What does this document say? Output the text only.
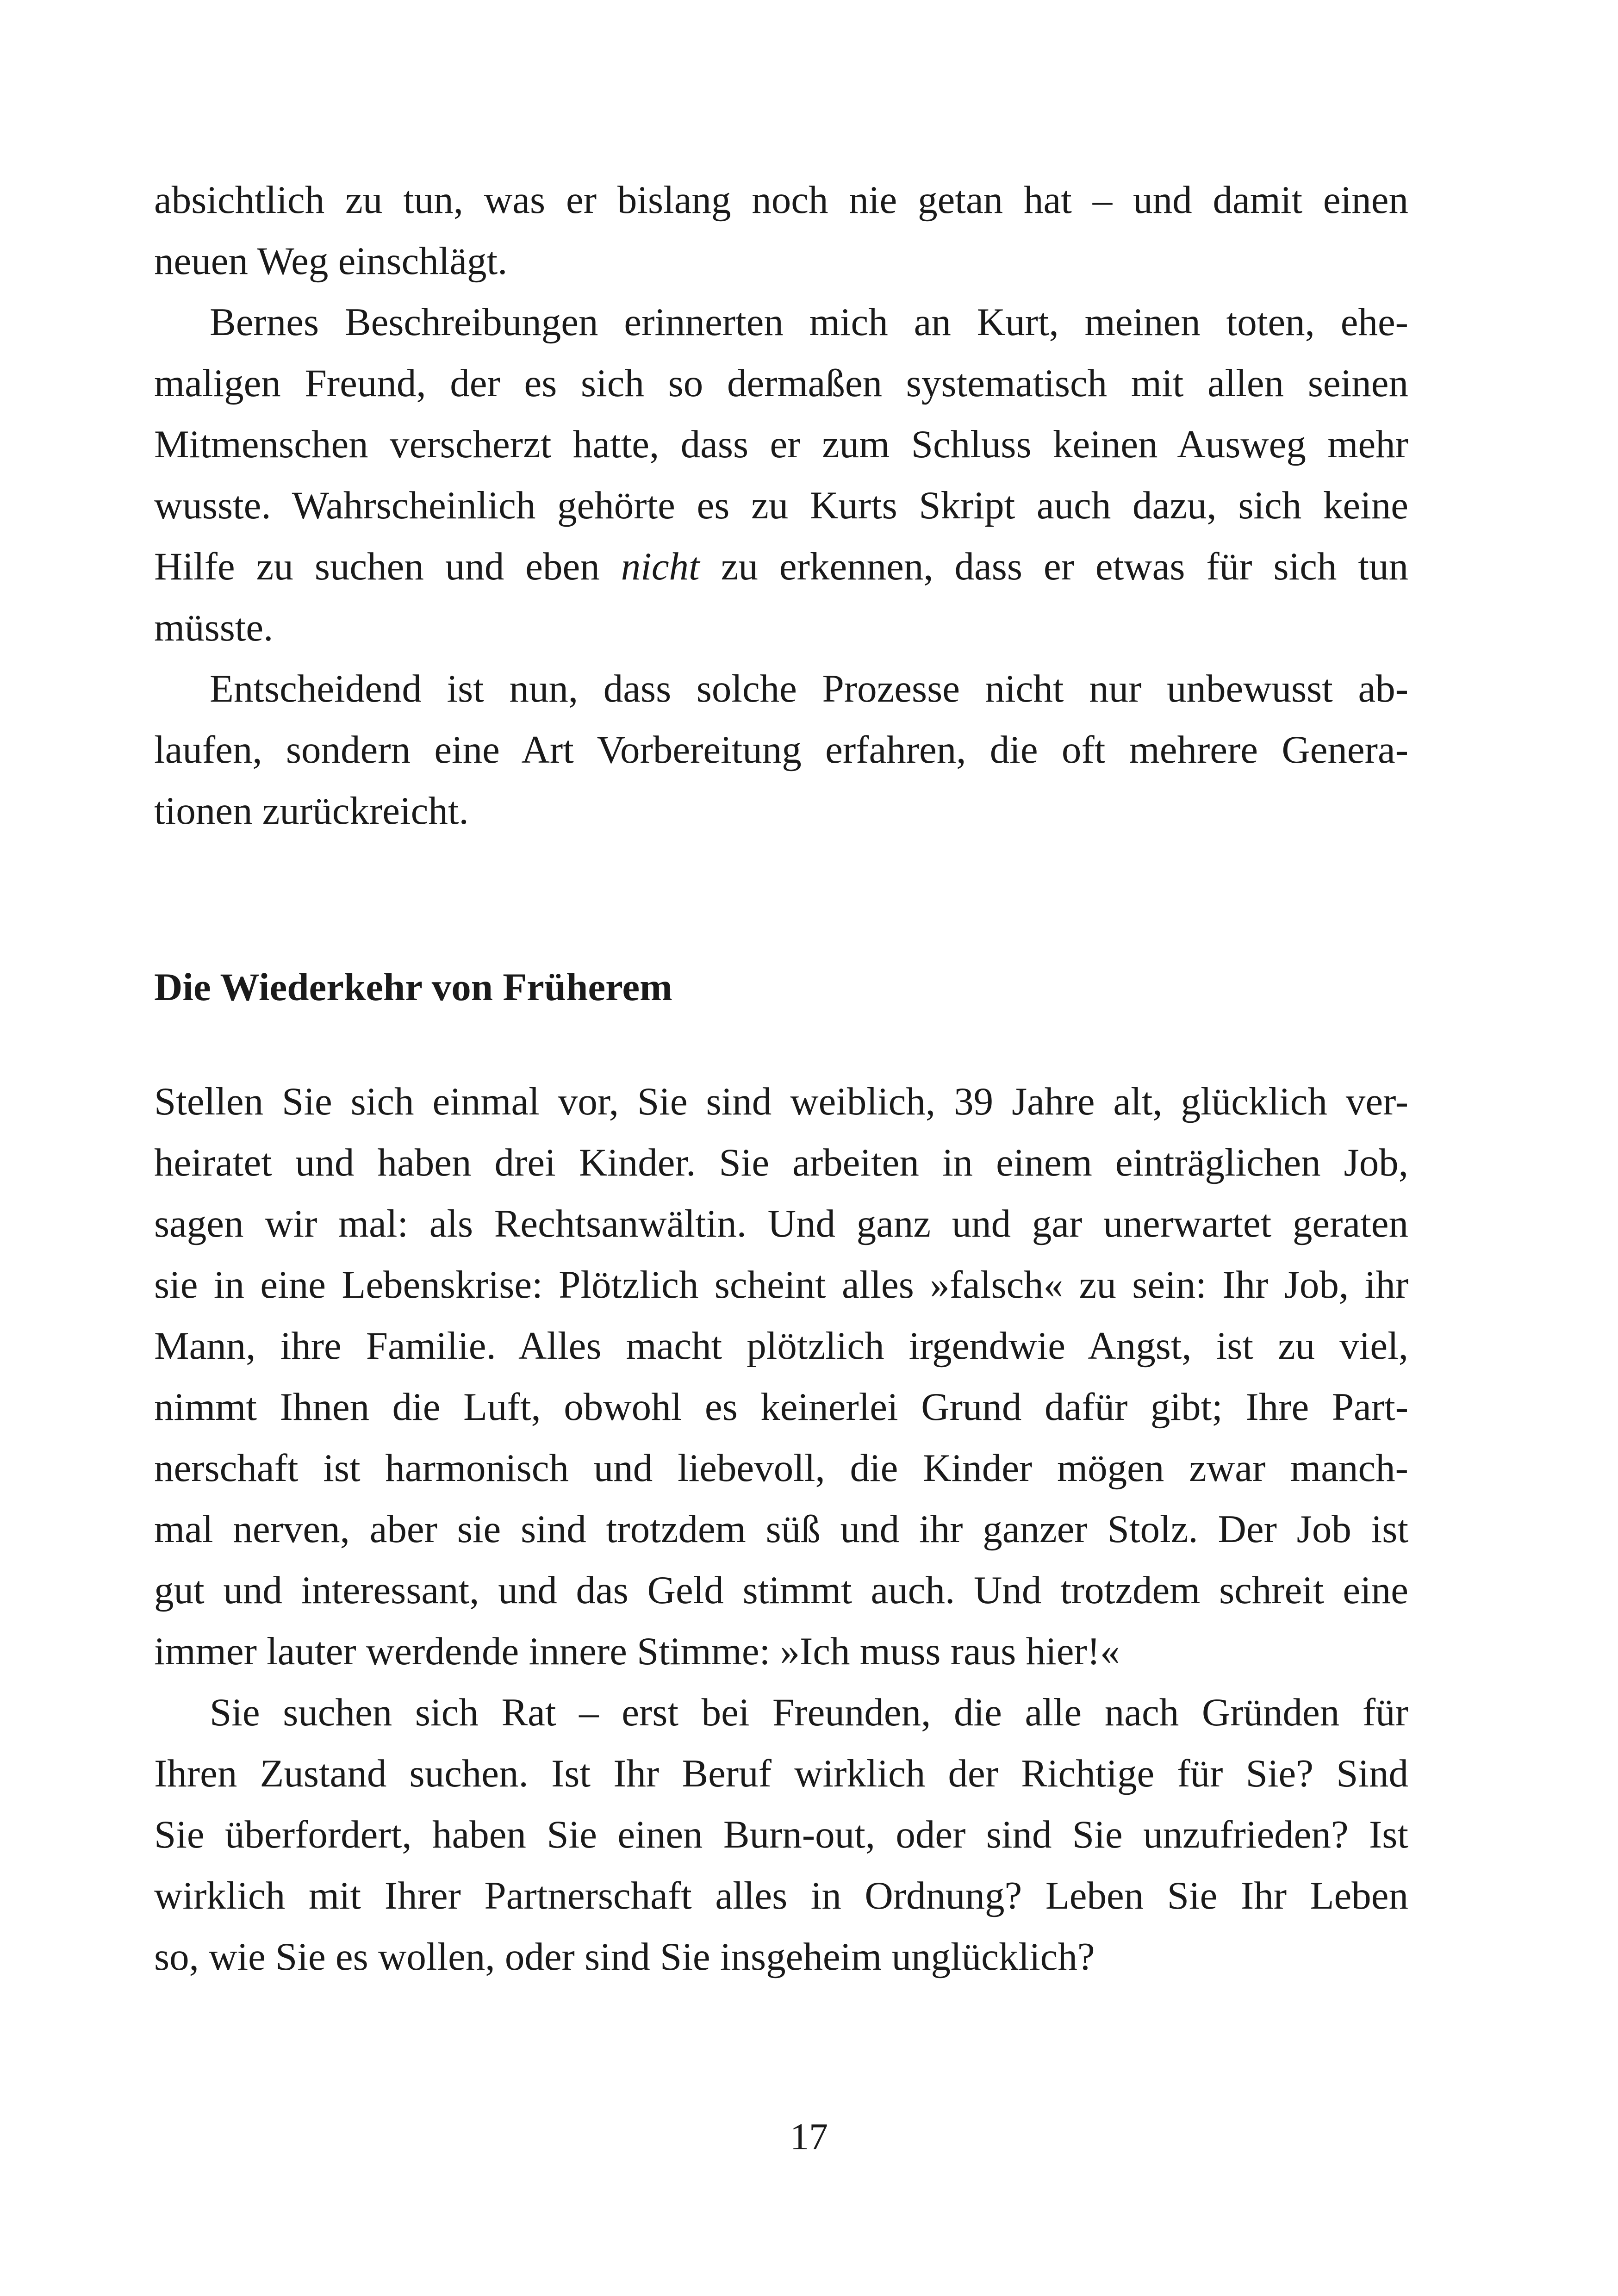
absichtlich zu tun, was er bislang noch nie getan hat – und damit einen
neuen Weg einschlägt.
Bernes Beschreibungen erinnerten mich an Kurt, meinen toten, ehe-
maligen Freund, der es sich so dermaßen systematisch mit allen seinen
Mitmenschen verscherzt hatte, dass er zum Schluss keinen Ausweg mehr
wusste. Wahrscheinlich gehörte es zu Kurts Skript auch dazu, sich keine
Hilfe zu suchen und eben nicht zu erkennen, dass er etwas für sich tun
müsste.
Entscheidend ist nun, dass solche Prozesse nicht nur unbewusst ab-
laufen, sondern eine Art Vorbereitung erfahren, die oft mehrere Genera-
tionen zurückreicht.
Die Wiederkehr von Früherem
Stellen Sie sich einmal vor, Sie sind weiblich, 39 Jahre alt, glücklich ver-
heiratet und haben drei Kinder. Sie arbeiten in einem einträglichen Job,
sagen wir mal: als Rechtsanwältin. Und ganz und gar unerwartet geraten
sie in eine Lebenskrise: Plötzlich scheint alles »falsch« zu sein: Ihr Job, ihr
Mann, ihre Familie. Alles macht plötzlich irgendwie Angst, ist zu viel,
nimmt Ihnen die Luft, obwohl es keinerlei Grund dafür gibt; Ihre Part-
nerschaft ist harmonisch und liebevoll, die Kinder mögen zwar manch-
mal nerven, aber sie sind trotzdem süß und ihr ganzer Stolz. Der Job ist
gut und interessant, und das Geld stimmt auch. Und trotzdem schreit eine
immer lauter werdende innere Stimme: »Ich muss raus hier!«
Sie suchen sich Rat – erst bei Freunden, die alle nach Gründen für
Ihren Zustand suchen. Ist Ihr Beruf wirklich der Richtige für Sie? Sind
Sie überfordert, haben Sie einen Burn-out, oder sind Sie unzufrieden? Ist
wirklich mit Ihrer Partnerschaft alles in Ordnung? Leben Sie Ihr Leben
so, wie Sie es wollen, oder sind Sie insgeheim unglücklich?
17
